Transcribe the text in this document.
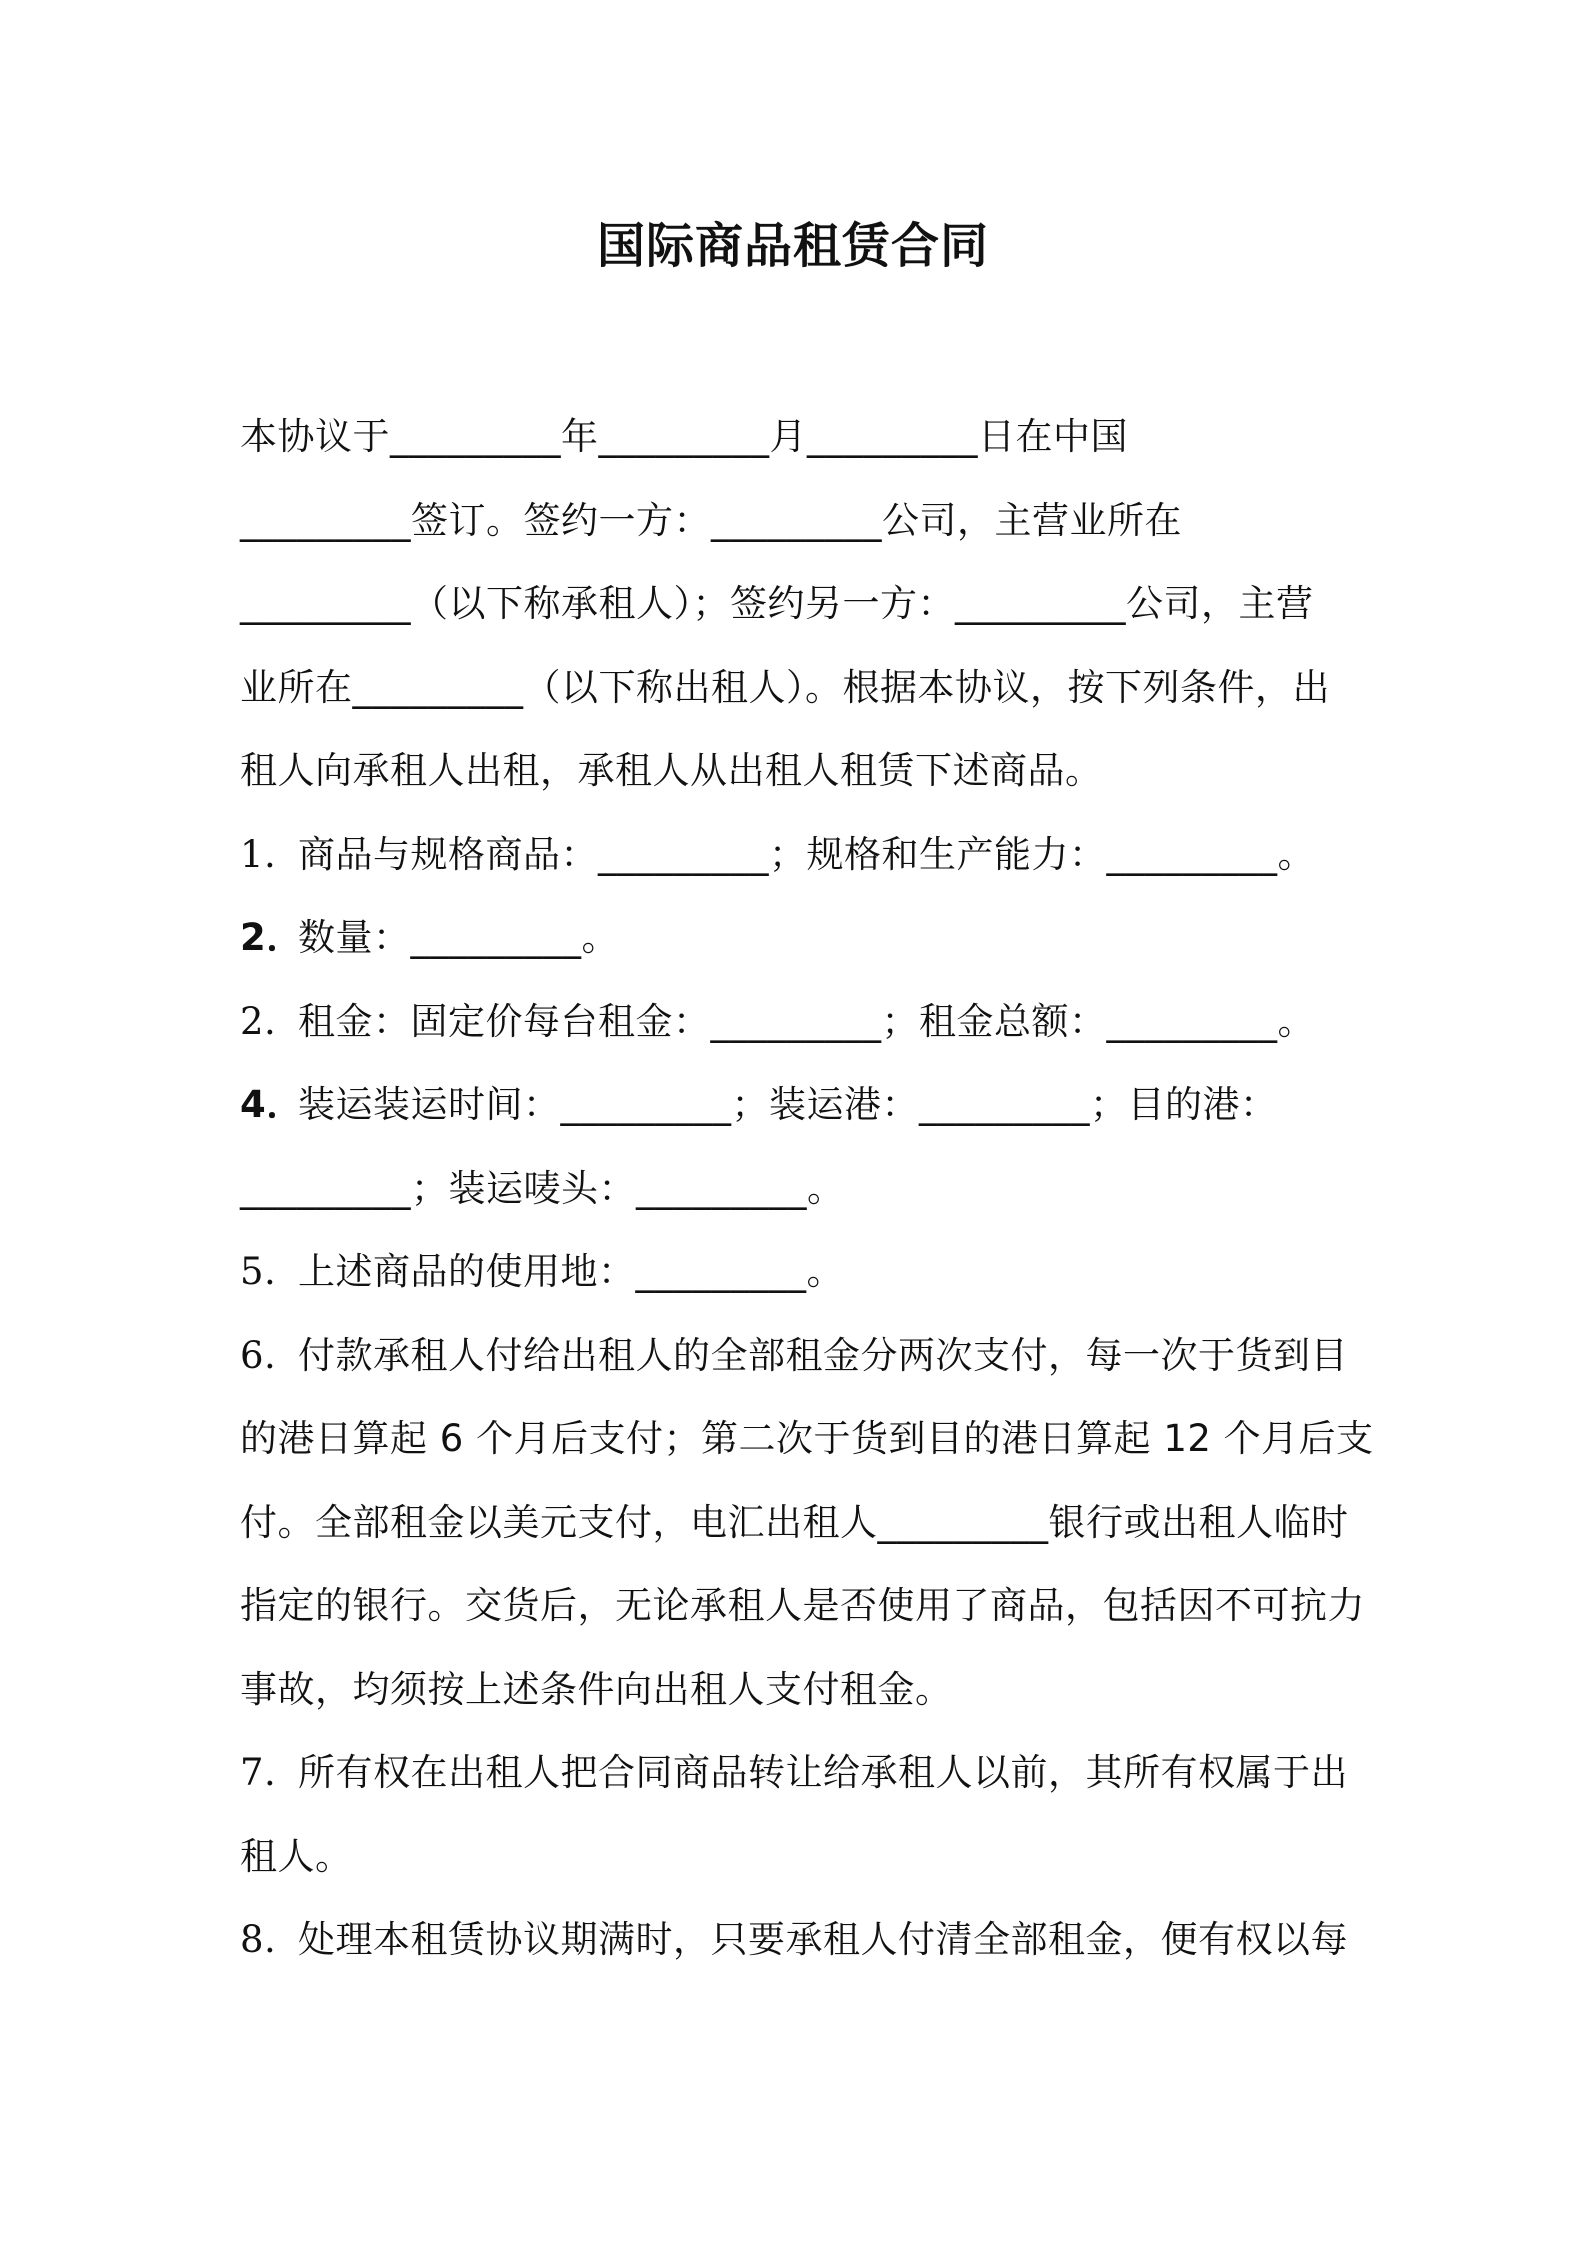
国际商品租赁合同
本协议于_________年_________月_________日在中国
_________签订。签约一方：_________公司，主营业所在
_________（以下称承租人）；签约另一方：_________公司，主营
业所在_________（以下称出租人）。根据本协议，按下列条件，出
租人向承租人出租，承租人从出租人租赁下述商品。
1. 商品与规格商品：_________；规格和生产能力：_________。
2．数量：_________。
2. 租金：固定价每台租金：_________；租金总额：_________。
4．装运装运时间：_________；装运港：_________；目的港：
_________；装运唛头：_________。
5. 上述商品的使用地：_________。
6. 付款承租人付给出租人的全部租金分两次支付，每一次于货到目
的港日算起 6 个月后支付；第二次于货到目的港日算起 12 个月后支
付。全部租金以美元支付，电汇出租人_________银行或出租人临时
指定的银行。交货后，无论承租人是否使用了商品，包括因不可抗力
事故，均须按上述条件向出租人支付租金。
7. 所有权在出租人把合同商品转让给承租人以前，其所有权属于出
租人。
8. 处理本租赁协议期满时，只要承租人付清全部租金，便有权以每
